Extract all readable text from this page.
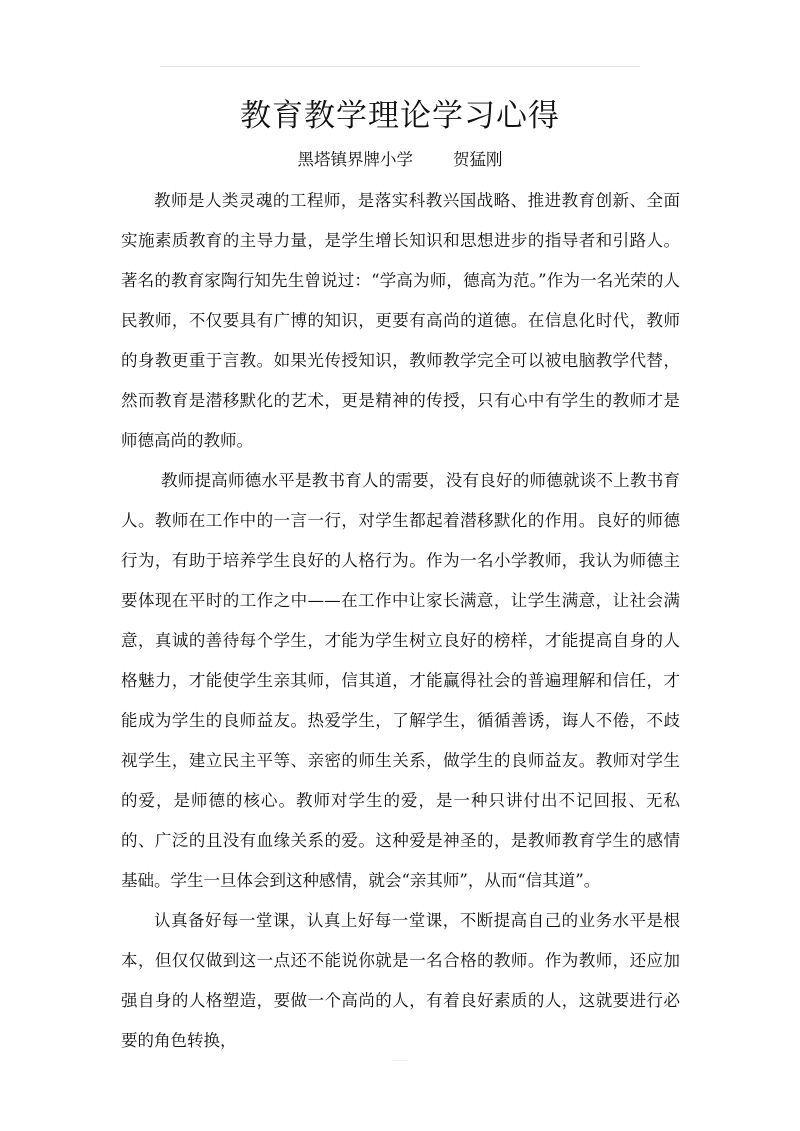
教育教学理论学习心得
黑塔镇界牌小学 贺猛刚

教师是人类灵魂的工程师，是落实科教兴国战略、推进教育创新、全面实施素质教育的主导力量，是学生增长知识和思想进步的指导者和引路人。著名的教育家陶行知先生曾说过：“学高为师，德高为范。”作为一名光荣的人民教师，不仅要具有广博的知识，更要有高尚的道德。在信息化时代，教师的身教更重于言教。如果光传授知识，教师教学完全可以被电脑教学代替，然而教育是潜移默化的艺术，更是精神的传授，只有心中有学生的教师才是师德高尚的教师。

教师提高师德水平是教书育人的需要，没有良好的师德就谈不上教书育人。教师在工作中的一言一行，对学生都起着潜移默化的作用。良好的师德行为，有助于培养学生良好的人格行为。作为一名小学教师，我认为师德主要体现在平时的工作之中——在工作中让家长满意，让学生满意，让社会满意，真诚的善待每个学生，才能为学生树立良好的榜样，才能提高自身的人格魅力，才能使学生亲其师，信其道，才能赢得社会的普遍理解和信任，才能成为学生的良师益友。热爱学生，了解学生，循循善诱，诲人不倦，不歧视学生，建立民主平等、亲密的师生关系，做学生的良师益友。教师对学生的爱，是师德的核心。教师对学生的爱，是一种只讲付出不记回报、无私的、广泛的且没有血缘关系的爱。这种爱是神圣的，是教师教育学生的感情基础。学生一旦体会到这种感情，就会“亲其师”，从而“信其道”。

认真备好每一堂课，认真上好每一堂课，不断提高自己的业务水平是根本，但仅仅做到这一点还不能说你就是一名合格的教师。作为教师，还应加强自身的人格塑造，要做一个高尚的人，有着良好素质的人，这就要进行必要的角色转换，
